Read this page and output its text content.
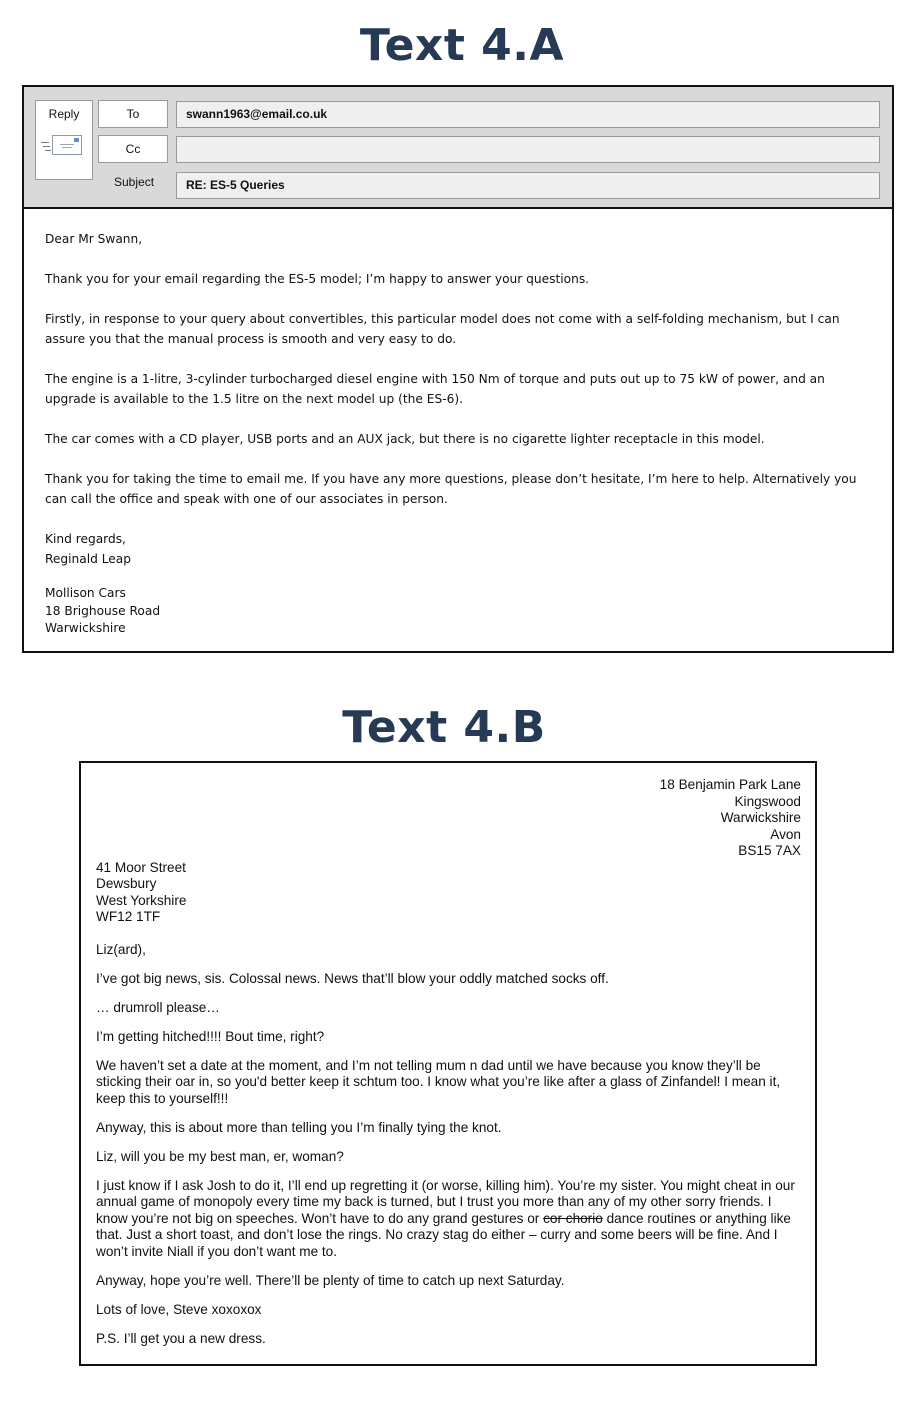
Text 4.A
Reply	To
Cc
Subject
swann1963@email.co.uk
RE: ES-5 Queries

Dear Mr Swann,

Thank you for your email regarding the ES-5 model; I’m happy to answer your questions.

Firstly, in response to your query about convertibles, this particular model does not come with a self-folding mechanism, but I can assure you that the manual process is smooth and very easy to do.

The engine is a 1-litre, 3-cylinder turbocharged diesel engine with 150 Nm of torque and puts out up to 75 kW of power, and an upgrade is available to the 1.5 litre on the next model up (the ES-6).

The car comes with a CD player, USB ports and an AUX jack, but there is no cigarette lighter receptacle in this model.

Thank you for taking the time to email me. If you have any more questions, please don’t hesitate, I’m here to help. Alternatively you can call the office and speak with one of our associates in person.

Kind regards,
Reginald Leap
Mollison Cars
18 Brighouse Road
Warwickshire
Text 4.B
18 Benjamin Park Lane
Kingswood
Warwickshire
Avon
BS15 7AX
41 Moor Street
Dewsbury
West Yorkshire
WF12 1TF

Liz(ard),

I’ve got big news, sis. Colossal news. News that’ll blow your oddly matched socks off.

… drumroll please…

I’m getting hitched!!!! Bout time, right?

We haven’t set a date at the moment, and I’m not telling mum n dad until we have because you know they’ll be sticking their oar in, so you'd better keep it schtum too. I know what you’re like after a glass of Zinfandel! I mean it, keep this to yourself!!!

Anyway, this is about more than telling you I’m finally tying the knot.

Liz, will you be my best man, er, woman?

I just know if I ask Josh to do it, I’ll end up regretting it (or worse, killing him). You’re my sister. You might cheat in our annual game of monopoly every time my back is turned, but I trust you more than any of my other sorry friends. I know you’re not big on speeches. Won’t have to do any grand gestures or cor chorio dance routines or anything like that. Just a short toast, and don’t lose the rings. No crazy stag do either – curry and some beers will be fine. And I won’t invite Niall if you don’t want me to.

Anyway, hope you’re well. There’ll be plenty of time to catch up next Saturday.

Lots of love, Steve xoxoxox

P.S. I’ll get you a new dress.
